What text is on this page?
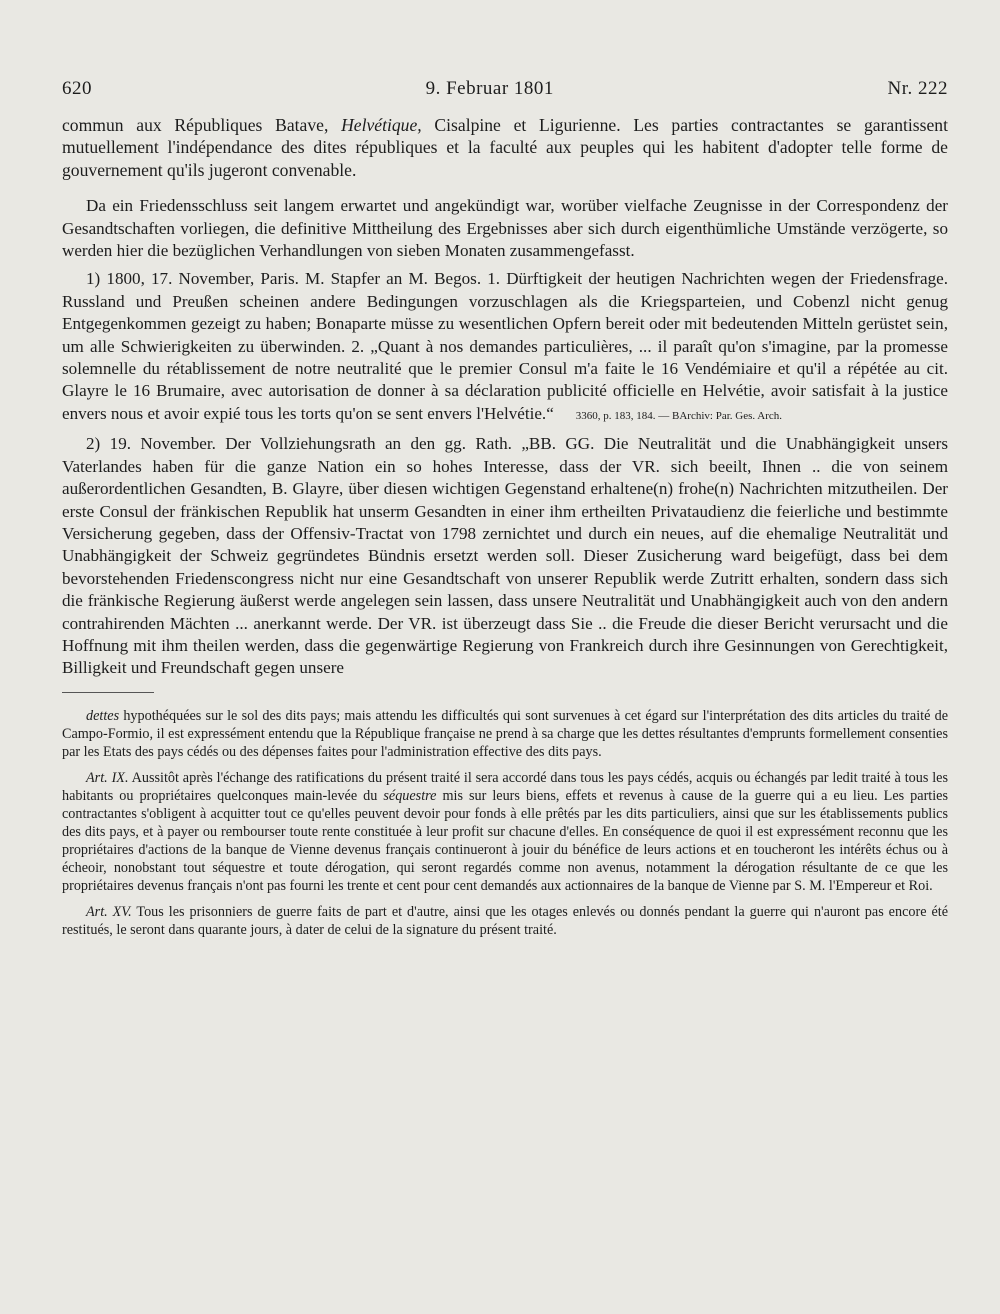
620	9. Februar 1801	Nr. 222

commun aux Républiques Batave, Helvétique, Cisalpine et Ligurienne. Les parties contractantes se garantissent mutuellement l'indépendance des dites républiques et la faculté aux peuples qui les habitent d'adopter telle forme de gouvernement qu'ils jugeront convenable.

Da ein Friedensschluss seit langem erwartet und angekündigt war, worüber vielfache Zeugnisse in der Correspondenz der Gesandtschaften vorliegen, die definitive Mittheilung des Ergebnisses aber sich durch eigenthümliche Umstände verzögerte, so werden hier die bezüglichen Verhandlungen von sieben Monaten zusammengefasst.

1) 1800, 17. November, Paris. M. Stapfer an M. Begos. 1. Dürftigkeit der heutigen Nachrichten wegen der Friedensfrage. Russland und Preußen scheinen andere Bedingungen vorzuschlagen als die Kriegsparteien, und Cobenzl nicht genug Entgegenkommen gezeigt zu haben; Bonaparte müsse zu wesentlichen Opfern bereit oder mit bedeutenden Mitteln gerüstet sein, um alle Schwierigkeiten zu überwinden. 2. „Quant à nos demandes particulières, ... il paraît qu'on s'imagine, par la promesse solemnelle du rétablissement de notre neutralité que le premier Consul m'a faite le 16 Vendémiaire et qu'il a répétée au cit. Glayre le 16 Brumaire, avec autorisation de donner à sa déclaration publicité officielle en Helvétie, avoir satisfait à la justice envers nous et avoir expié tous les torts qu'on se sent envers l'Helvétie.“ 3360, p. 183, 184. — BArchiv: Par. Ges. Arch.

2) 19. November. Der Vollziehungsrath an den gg. Rath. „BB. GG. Die Neutralität und die Unabhängigkeit unsers Vaterlandes haben für die ganze Nation ein so hohes Interesse, dass der VR. sich beeilt, Ihnen .. die von seinem außerordentlichen Gesandten, B. Glayre, über diesen wichtigen Gegenstand erhaltene(n) frohe(n) Nachrichten mitzutheilen. Der erste Consul der fränkischen Republik hat unserm Gesandten in einer ihm ertheilten Privataudienz die feierliche und bestimmte Versicherung gegeben, dass der Offensiv-Tractat von 1798 zernichtet und durch ein neues, auf die ehemalige Neutralität und Unabhängigkeit der Schweiz gegründetes Bündnis ersetzt werden soll. Dieser Zusicherung ward beigefügt, dass bei dem bevorstehenden Friedenscongress nicht nur eine Gesandtschaft von unserer Republik werde Zutritt erhalten, sondern dass sich die fränkische Regierung äußerst werde angelegen sein lassen, dass unsere Neutralität und Unabhängigkeit auch von den andern contrahirenden Mächten ... anerkannt werde. Der VR. ist überzeugt dass Sie .. die Freude die dieser Bericht verursacht und die Hoffnung mit ihm theilen werden, dass die gegenwärtige Regierung von Frankreich durch ihre Gesinnungen von Gerechtigkeit, Billigkeit und Freundschaft gegen unsere

dettes hypothéquées sur le sol des dits pays; mais attendu les difficultés qui sont survenues à cet égard sur l'interprétation des dits articles du traité de Campo-Formio, il est expressément entendu que la République française ne prend à sa charge que les dettes résultantes d'emprunts formellement consenties par les Etats des pays cédés ou des dépenses faites pour l'administration effective des dits pays.

Art. IX. Aussitôt après l'échange des ratifications du présent traité il sera accordé dans tous les pays cédés, acquis ou échangés par ledit traité à tous les habitants ou propriétaires quelconques main-levée du séquestre mis sur leurs biens, effets et revenus à cause de la guerre qui a eu lieu. Les parties contractantes s'obligent à acquitter tout ce qu'elles peuvent devoir pour fonds à elle prêtés par les dits particuliers, ainsi que sur les établissements publics des dits pays, et à payer ou rembourser toute rente constituée à leur profit sur chacune d'elles. En conséquence de quoi il est expressément reconnu que les propriétaires d'actions de la banque de Vienne devenus français continueront à jouir du bénéfice de leurs actions et en toucheront les intérêts échus ou à écheoir, nonobstant tout séquestre et toute dérogation, qui seront regardés comme non avenus, notamment la dérogation résultante de ce que les propriétaires devenus français n'ont pas fourni les trente et cent pour cent demandés aux actionnaires de la banque de Vienne par S. M. l'Empereur et Roi.

Art. XV. Tous les prisonniers de guerre faits de part et d'autre, ainsi que les otages enlevés ou donnés pendant la guerre qui n'auront pas encore été restitués, le seront dans quarante jours, à dater de celui de la signature du présent traité.
